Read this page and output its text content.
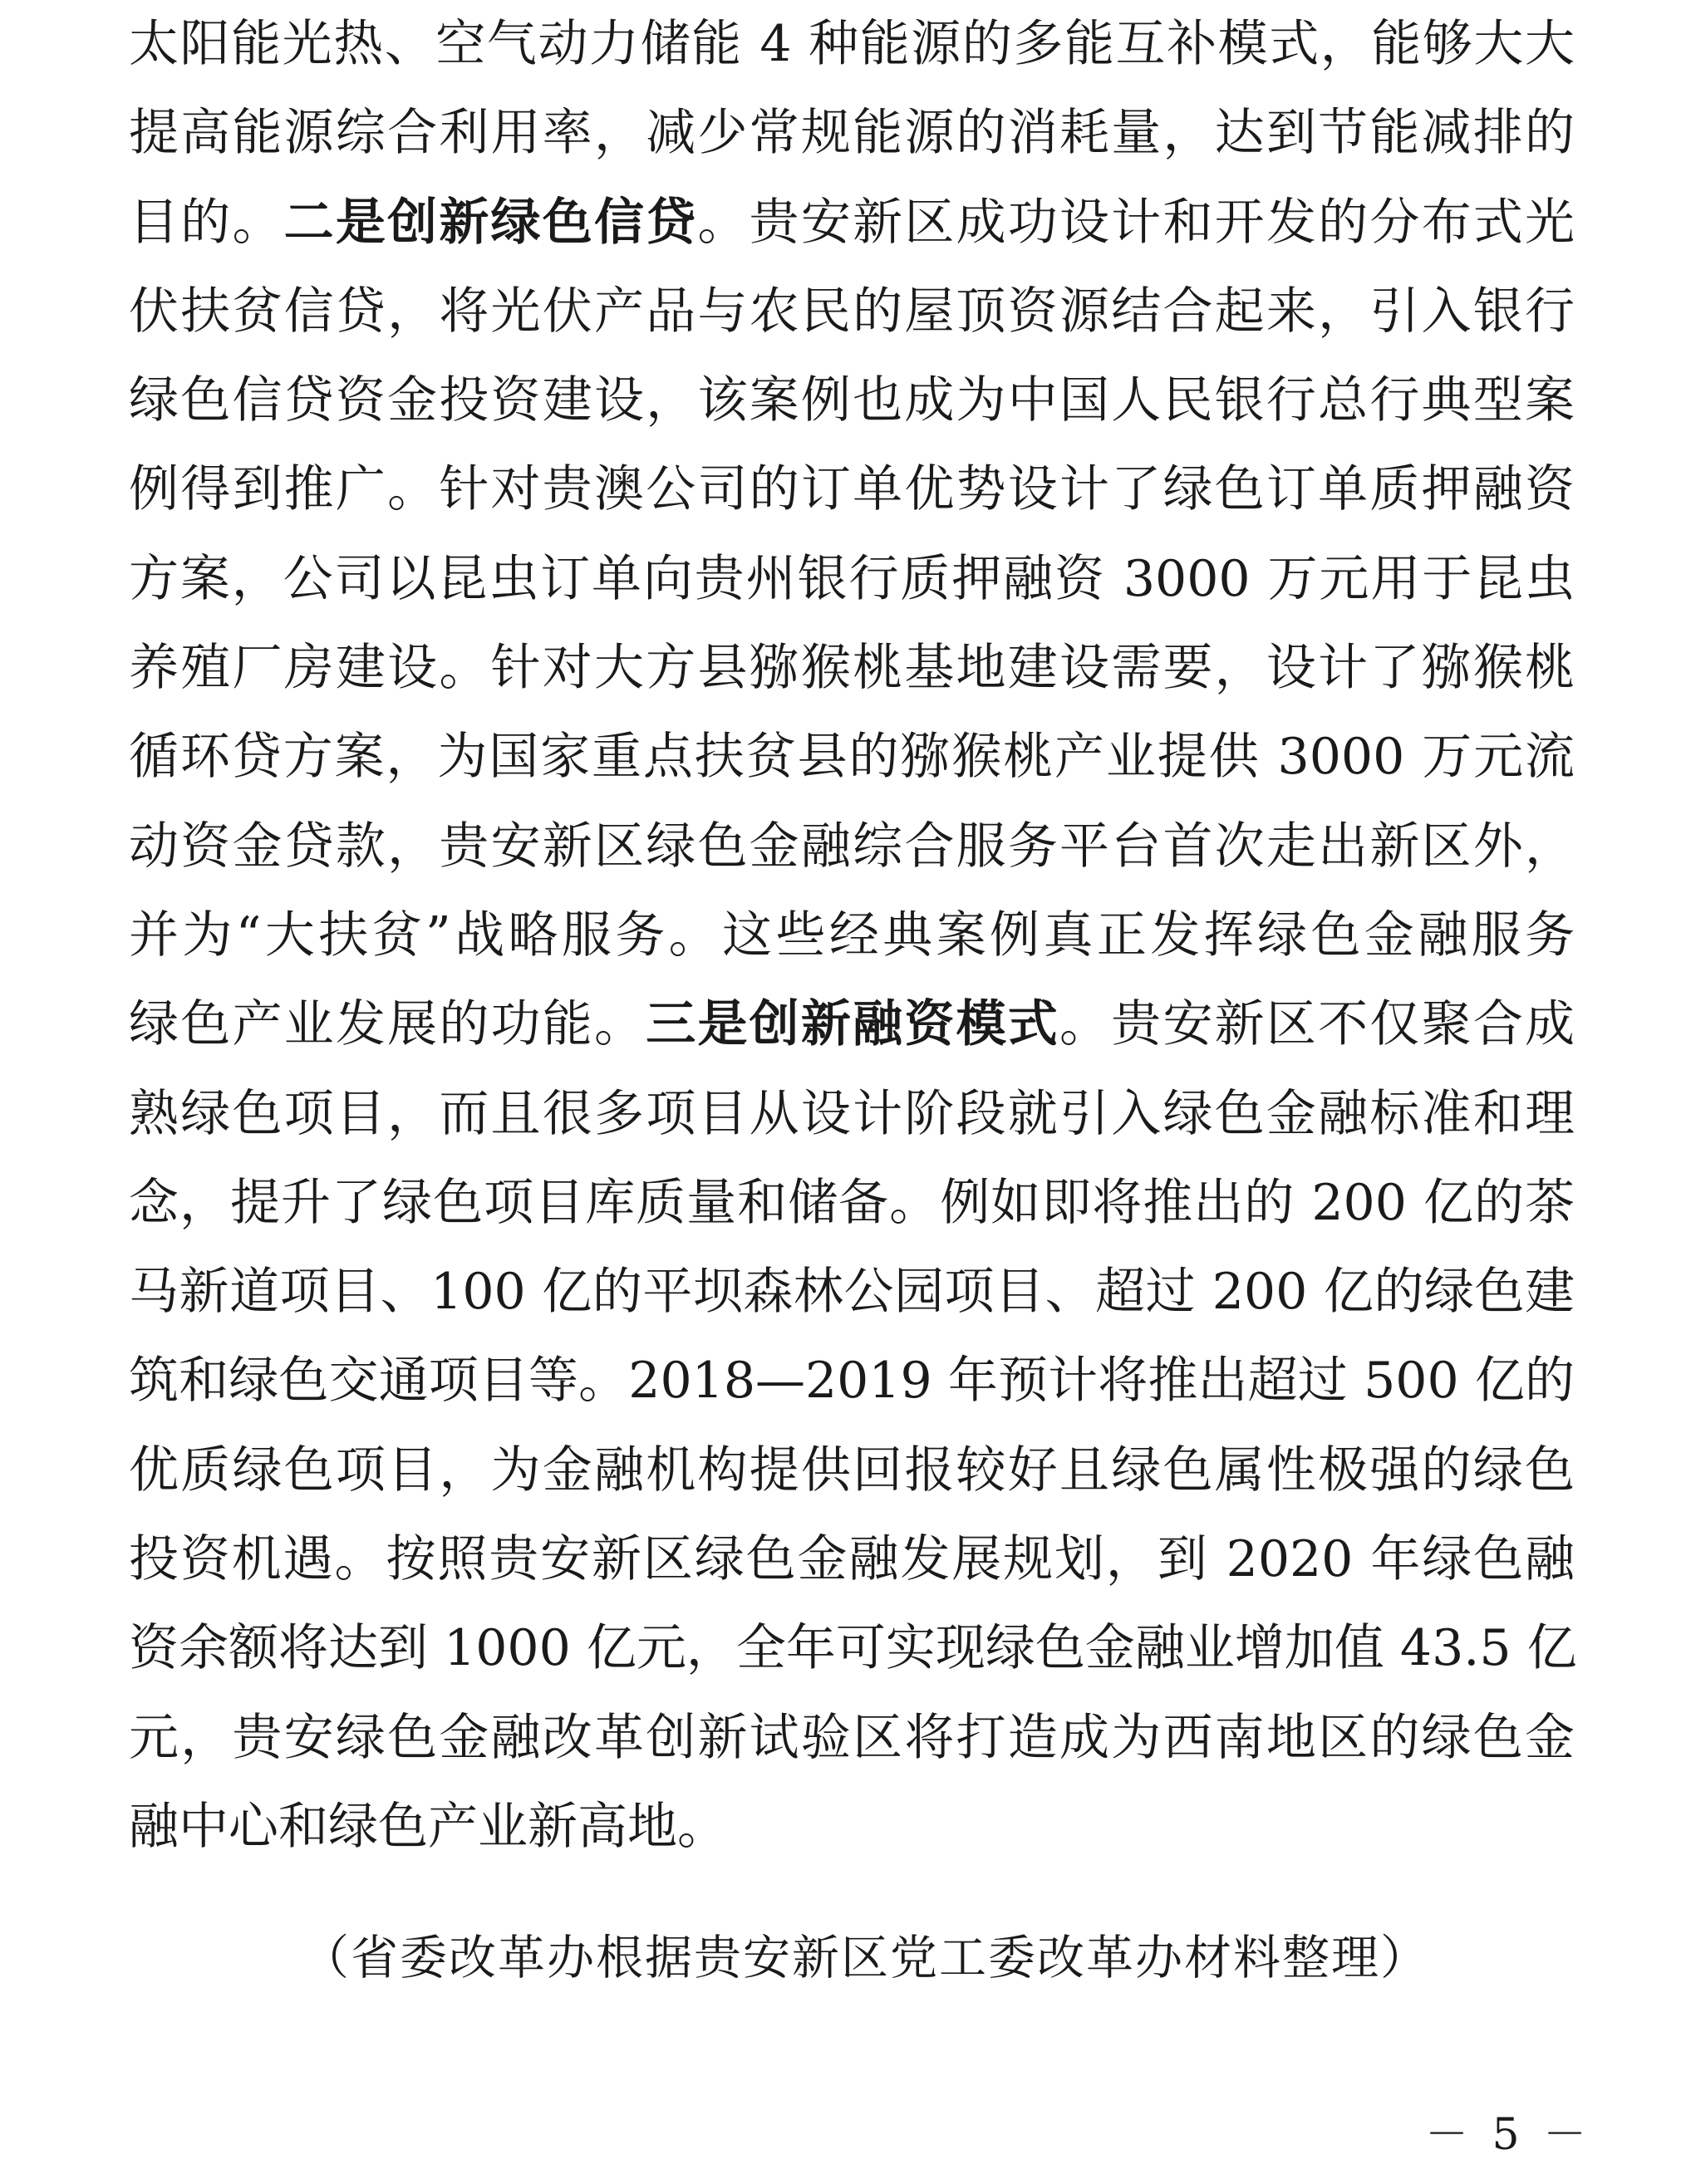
太阳能光热、空气动力储能 4 种能源的多能互补模式，能够大大
提高能源综合利用率，减少常规能源的消耗量，达到节能减排的
目的。二是创新绿色信贷。贵安新区成功设计和开发的分布式光
伏扶贫信贷，将光伏产品与农民的屋顶资源结合起来，引入银行
绿色信贷资金投资建设，该案例也成为中国人民银行总行典型案
例得到推广。针对贵澳公司的订单优势设计了绿色订单质押融资
方案，公司以昆虫订单向贵州银行质押融资 3000 万元用于昆虫
养殖厂房建设。针对大方县猕猴桃基地建设需要，设计了猕猴桃
循环贷方案，为国家重点扶贫县的猕猴桃产业提供 3000 万元流
动资金贷款，贵安新区绿色金融综合服务平台首次走出新区外，
并为“大扶贫”战略服务。这些经典案例真正发挥绿色金融服务
绿色产业发展的功能。三是创新融资模式。贵安新区不仅聚合成
熟绿色项目，而且很多项目从设计阶段就引入绿色金融标准和理
念，提升了绿色项目库质量和储备。例如即将推出的 200 亿的茶
马新道项目、100 亿的平坝森林公园项目、超过 200 亿的绿色建
筑和绿色交通项目等。2018—2019 年预计将推出超过 500 亿的
优质绿色项目，为金融机构提供回报较好且绿色属性极强的绿色
投资机遇。按照贵安新区绿色金融发展规划，到 2020 年绿色融
资余额将达到 1000 亿元，全年可实现绿色金融业增加值 43.5 亿
元，贵安绿色金融改革创新试验区将打造成为西南地区的绿色金
融中心和绿色产业新高地。
（省委改革办根据贵安新区党工委改革办材料整理）
－ 5 －
